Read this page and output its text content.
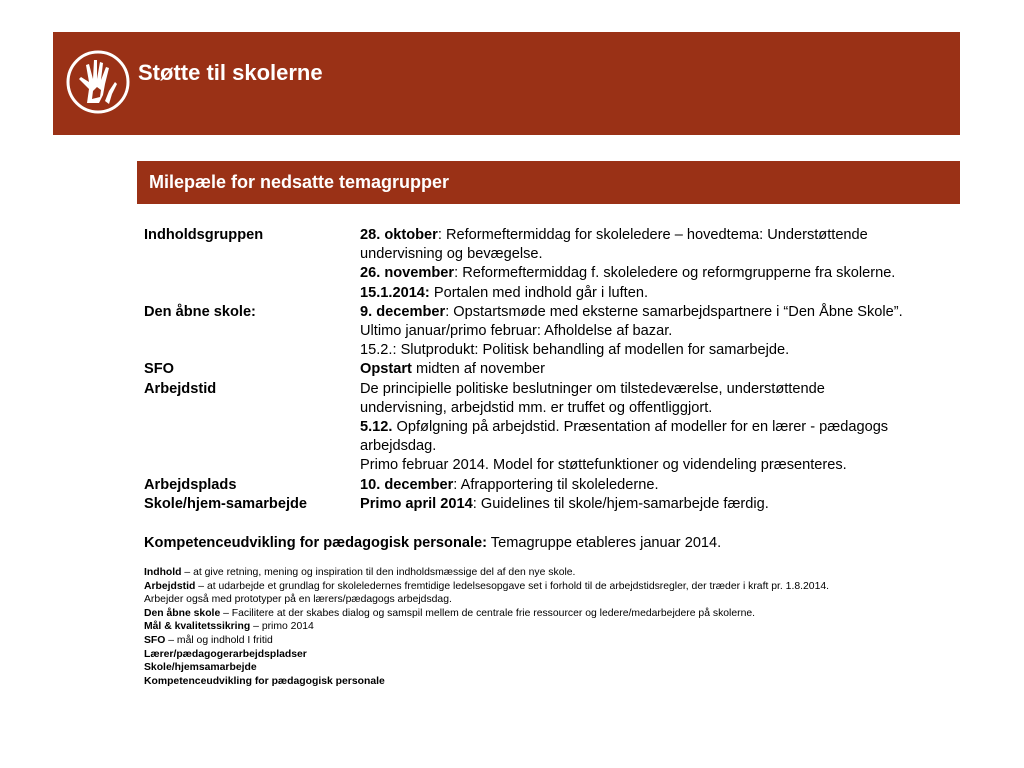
Støtte til skolerne
Milepæle for nedsatte temagrupper
Indholdsgruppen	28. oktober: Reformeftermiddag for skoleledere – hovedtema: Understøttende
undervisning og bevægelse.
26. november: Reformeftermiddag f. skoleledere og reformgrupperne fra skolerne.
15.1.2014: Portalen med indhold går i luften.
Den åbne skole:	9. december: Opstartsmøde med eksterne samarbejdspartnere i “Den Åbne Skole”.
Ultimo januar/primo februar: Afholdelse af bazar.
15.2.: Slutprodukt: Politisk behandling af modellen for samarbejde.
SFO	Opstart midten af november
Arbejdstid	De principielle politiske beslutninger om tilstedeværelse, understøttende
undervisning, arbejdstid mm. er truffet og offentliggjort.
5.12. Opfølgning på arbejdstid. Præsentation af modeller for en lærer - pædagogs
arbejdsdag.
Primo februar 2014. Model for støttefunktioner og videndeling præsenteres.
Arbejdsplads	10. december: Afrapportering til skolelederne.
Skole/hjem-samarbejde	Primo april 2014: Guidelines til skole/hjem-samarbejde færdig.
Kompetenceudvikling for pædagogisk personale: Temagruppe etableres januar 2014.
Indhold – at give retning, mening og inspiration til den indholdsmæssige del af den nye skole.
Arbejdstid – at udarbejde et grundlag for skoleledernes fremtidige ledelsesopgave set i forhold til de arbejdstidsregler, der træder i kraft pr. 1.8.2014.
Arbejder også med prototyper på en lærers/pædagogs arbejdsdag.
Den åbne skole – Facilitere at der skabes dialog og samspil mellem de centrale frie ressourcer og ledere/medarbejdere på skolerne.
Mål & kvalitetssikring – primo 2014
SFO – mål og indhold I fritid
Lærer/pædagogerarbejdspladser
Skole/hjemsamarbejde
Kompetenceudvikling for pædagogisk personale
